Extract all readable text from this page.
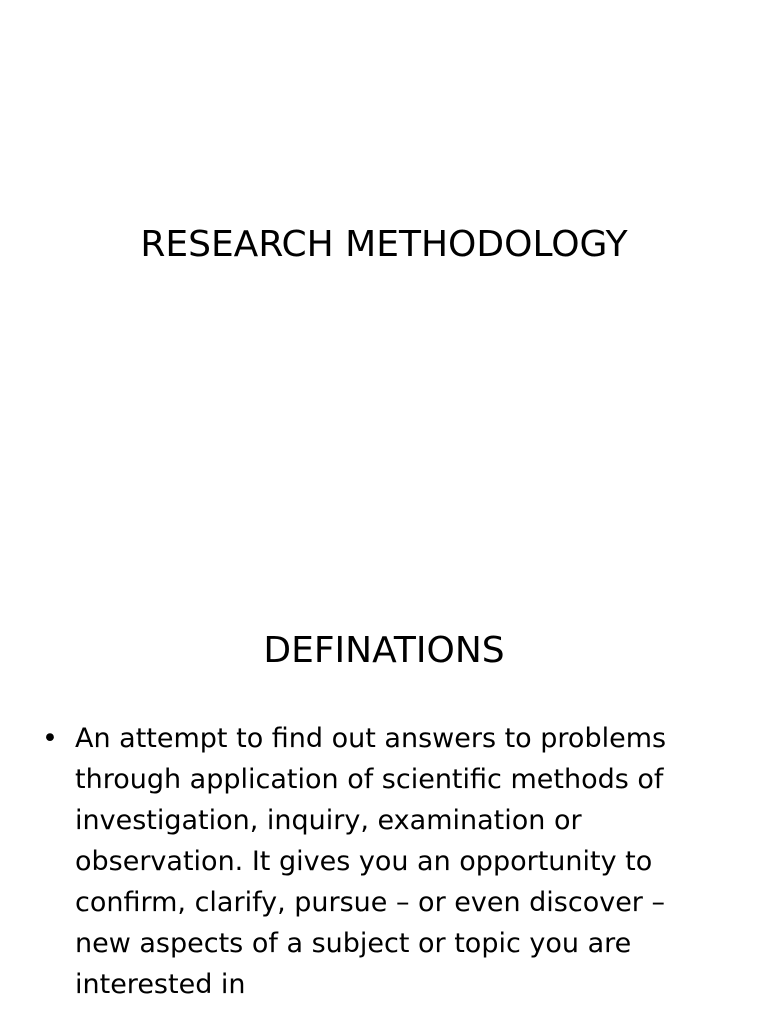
RESEARCH METHODOLOGY
DEFINATIONS
• An attempt to find out answers to problems through application of scientific methods of investigation, inquiry, examination or observation. It gives you an opportunity to confirm, clarify, pursue – or even discover – new aspects of a subject or topic you are interested in
